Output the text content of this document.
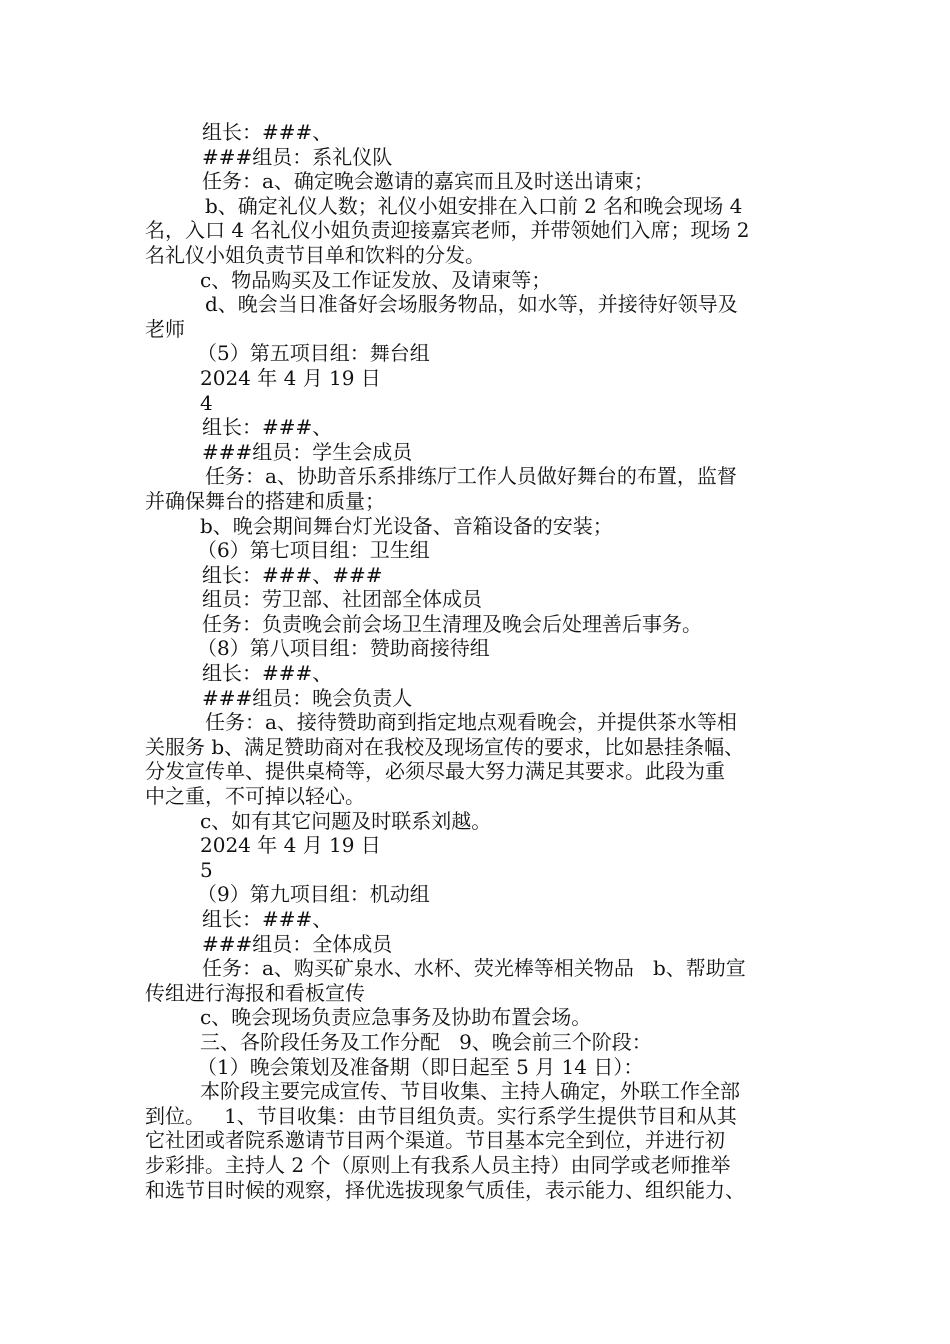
组长：###、
###组员：系礼仪队
任务：a、确定晚会邀请的嘉宾而且及时送出请柬；
b、确定礼仪人数；礼仪小姐安排在入口前 2 名和晚会现场 4
名，入口 4 名礼仪小姐负责迎接嘉宾老师，并带领她们入席；现场 2
名礼仪小姐负责节目单和饮料的分发。
c、物品购买及工作证发放、及请柬等；
d、晚会当日准备好会场服务物品，如水等，并接待好领导及
老师
（5）第五项目组：舞台组
2024 年 4 月 19 日
4
组长：###、
###组员：学生会成员
任务：a、协助音乐系排练厅工作人员做好舞台的布置，监督
并确保舞台的搭建和质量；
b、晚会期间舞台灯光设备、音箱设备的安装；
（6）第七项目组：卫生组
组长：###、###
组员：劳卫部、社团部全体成员
任务：负责晚会前会场卫生清理及晚会后处理善后事务。
（8）第八项目组：赞助商接待组
组长：###、
###组员：晚会负责人
任务：a、接待赞助商到指定地点观看晚会，并提供茶水等相
关服务 b、满足赞助商对在我校及现场宣传的要求，比如悬挂条幅、
分发宣传单、提供桌椅等，必须尽最大努力满足其要求。此段为重
中之重，不可掉以轻心。
c、如有其它问题及时联系刘越。
2024 年 4 月 19 日
5
（9）第九项目组：机动组
组长：###、
###组员：全体成员
任务：a、购买矿泉水、水杯、荧光棒等相关物品   b、帮助宣
传组进行海报和看板宣传
c、晚会现场负责应急事务及协助布置会场。
三、各阶段任务及工作分配   9、晚会前三个阶段：
（1）晚会策划及准备期（即日起至 5 月 14 日）：
本阶段主要完成宣传、节目收集、主持人确定，外联工作全部
到位。   1、节目收集：由节目组负责。实行系学生提供节目和从其
它社团或者院系邀请节目两个渠道。节目基本完全到位，并进行初
步彩排。主持人 2 个（原则上有我系人员主持）由同学或老师推举
和选节目时候的观察，择优选拔现象气质佳，表示能力、组织能力、
